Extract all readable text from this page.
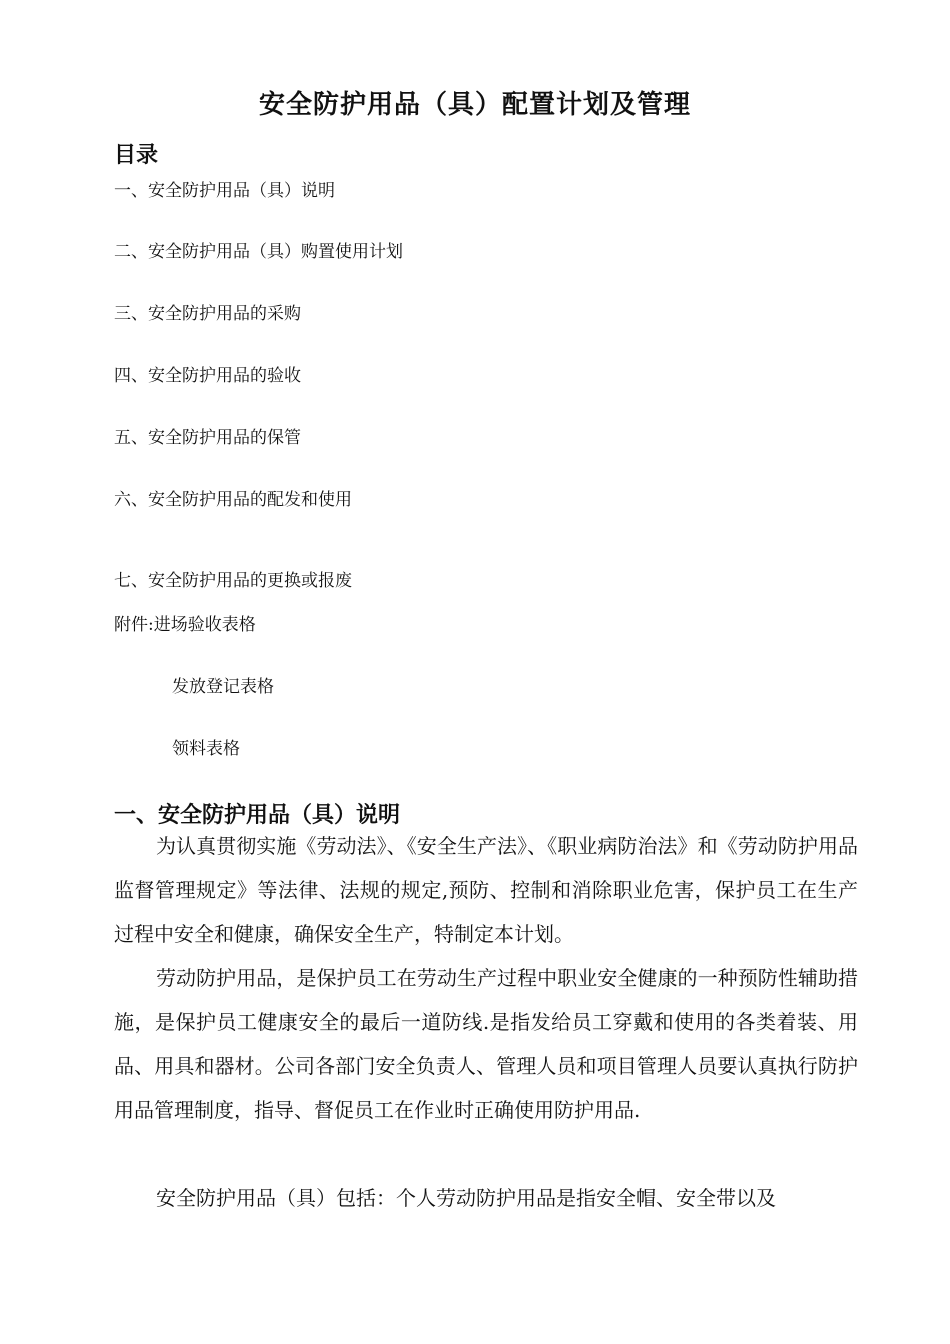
安全防护用品（具）配置计划及管理
目录
一、安全防护用品（具）说明
二、安全防护用品（具）购置使用计划
三、安全防护用品的采购
四、安全防护用品的验收
五、安全防护用品的保管
六、安全防护用品的配发和使用
七、安全防护用品的更换或报废
附件:进场验收表格
发放登记表格
领料表格
一、安全防护用品（具）说明
为认真贯彻实施《劳动法》、《安全生产法》、《职业病防治法》和《劳动防护用品监督管理规定》等法律、法规的规定,预防、控制和消除职业危害，保护员工在生产过程中安全和健康，确保安全生产，特制定本计划。
劳动防护用品，是保护员工在劳动生产过程中职业安全健康的一种预防性辅助措施，是保护员工健康安全的最后一道防线.是指发给员工穿戴和使用的各类着装、用品、用具和器材。公司各部门安全负责人、管理人员和项目管理人员要认真执行防护用品管理制度，指导、督促员工在作业时正确使用防护用品.
安全防护用品（具）包括：个人劳动防护用品是指安全帽、安全带以及
